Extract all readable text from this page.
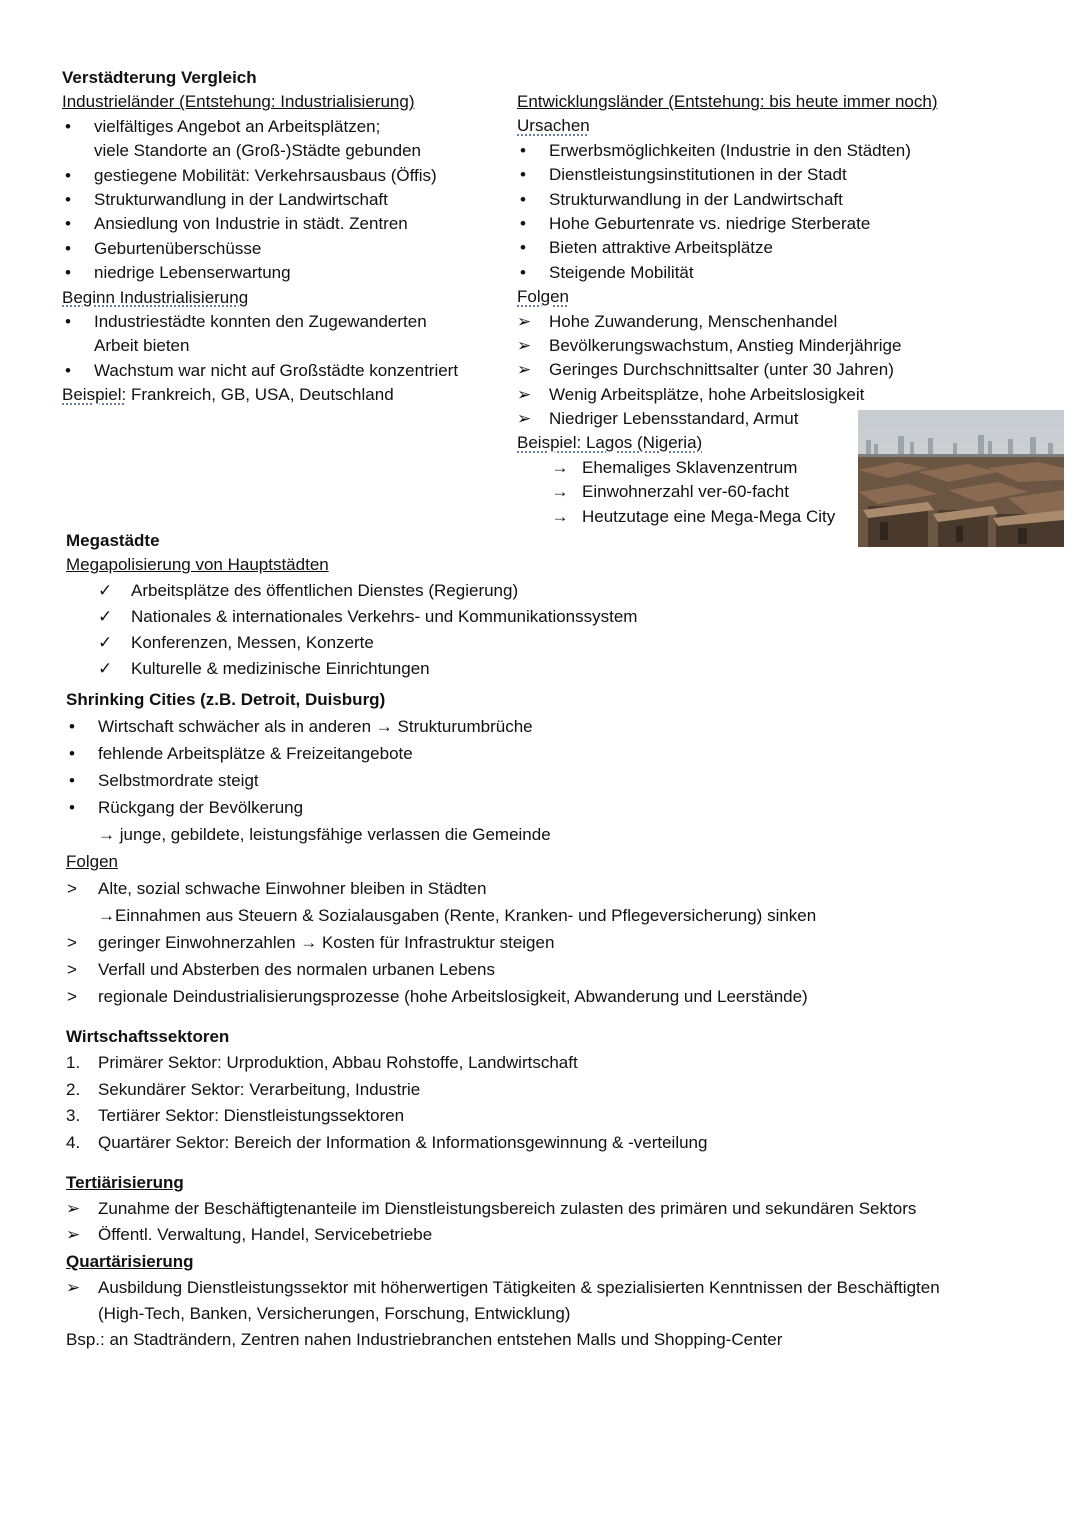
Verstädterung Vergleich
Industrieländer (Entstehung: Industrialisierung)
• vielfältiges Angebot an Arbeitsplätzen;
viele Standorte an (Groß-)Städte gebunden
• gestiegene Mobilität: Verkehrsausbaus (Öffis)
• Strukturwandlung in der Landwirtschaft
• Ansiedlung von Industrie in städt. Zentren
• Geburtenüberschüsse
• niedrige Lebenserwartung
Beginn Industrialisierung
• Industriestädte konnten den Zugewanderten
Arbeit bieten
• Wachstum war nicht auf Großstädte konzentriert
Beispiel: Frankreich, GB, USA, Deutschland
Entwicklungsländer (Entstehung: bis heute immer noch)
Ursachen
• Erwerbsmöglichkeiten (Industrie in den Städten)
• Dienstleistungsinstitutionen in der Stadt
• Strukturwandlung in der Landwirtschaft
• Hohe Geburtenrate vs. niedrige Sterberate
• Bieten attraktive Arbeitsplätze
• Steigende Mobilität
Folgen
➢ Hohe Zuwanderung, Menschenhandel
➢ Bevölkerungswachstum, Anstieg Minderjährige
➢ Geringes Durchschnittsalter (unter 30 Jahren)
➢ Wenig Arbeitsplätze, hohe Arbeitslosigkeit
➢ Niedriger Lebensstandard, Armut
Beispiel: Lagos (Nigeria)
→ Ehemaliges Sklavenzentrum
→ Einwohnerzahl ver-60-facht
→ Heutzutage eine Mega-Mega City
Megastädte
Megapolisierung von Hauptstädten
✓ Arbeitsplätze des öffentlichen Dienstes (Regierung)
✓ Nationales & internationales Verkehrs- und Kommunikationssystem
✓ Konferenzen, Messen, Konzerte
✓ Kulturelle & medizinische Einrichtungen
Shrinking Cities (z.B. Detroit, Duisburg)
• Wirtschaft schwächer als in anderen → Strukturumbrüche
• fehlende Arbeitsplätze & Freizeitangebote
• Selbstmordrate steigt
• Rückgang der Bevölkerung
→ junge, gebildete, leistungsfähige verlassen die Gemeinde
Folgen
> Alte, sozial schwache Einwohner bleiben in Städten
→Einnahmen aus Steuern & Sozialausgaben (Rente, Kranken- und Pflegeversicherung) sinken
> geringer Einwohnerzahlen → Kosten für Infrastruktur steigen
> Verfall und Absterben des normalen urbanen Lebens
> regionale Deindustrialisierungsprozesse (hohe Arbeitslosigkeit, Abwanderung und Leerstände)
Wirtschaftssektoren
1. Primärer Sektor: Urproduktion, Abbau Rohstoffe, Landwirtschaft
2. Sekundärer Sektor: Verarbeitung, Industrie
3. Tertiärer Sektor: Dienstleistungssektoren
4. Quartärer Sektor: Bereich der Information & Informationsgewinnung & -verteilung
Tertiärisierung
➢ Zunahme der Beschäftigtenanteile im Dienstleistungsbereich zulasten des primären und sekundären Sektors
➢ Öffentl. Verwaltung, Handel, Servicebetriebe
Quartärisierung
➢ Ausbildung Dienstleistungssektor mit höherwertigen Tätigkeiten & spezialisierten Kenntnissen der Beschäftigten
(High-Tech, Banken, Versicherungen, Forschung, Entwicklung)
Bsp.: an Stadträndern, Zentren nahen Industriebranchen entstehen Malls und Shopping-Center
